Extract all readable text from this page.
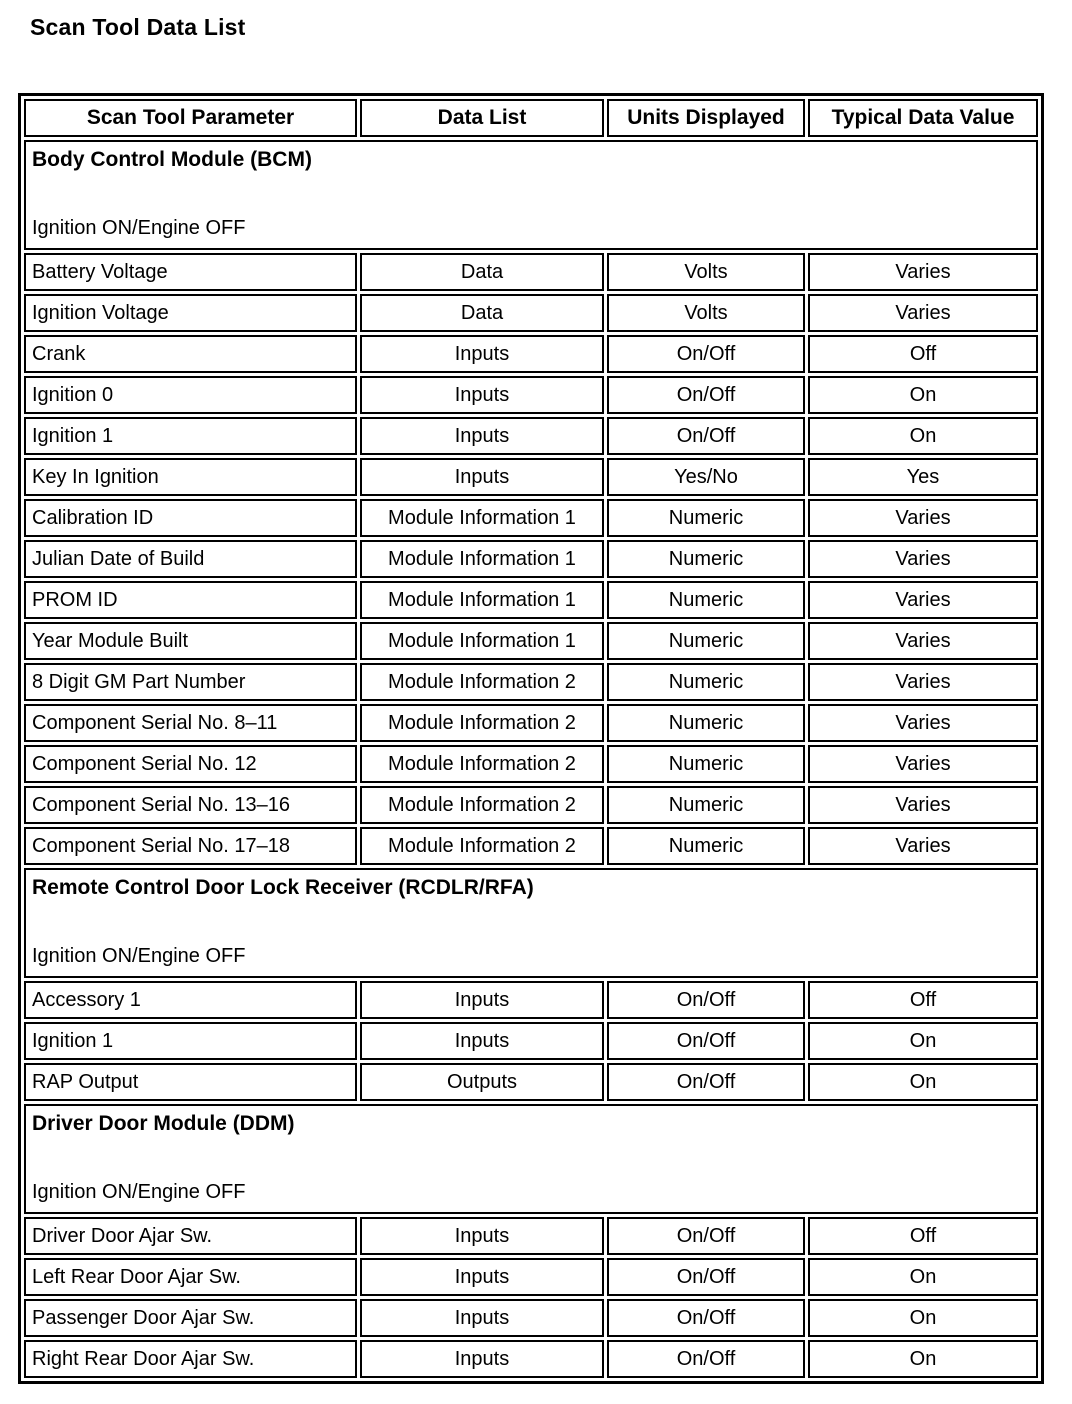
Scan Tool Data List
Scan Tool Parameter	Data List	Units Displayed	Typical Data Value

Body Control Module (BCM)
Ignition ON/Engine OFF			

Battery Voltage	Data	Volts	Varies
Ignition Voltage	Data	Volts	Varies
Crank	Inputs	On/Off	Off
Ignition 0	Inputs	On/Off	On
Ignition 1	Inputs	On/Off	On
Key In Ignition	Inputs	Yes/No	Yes
Calibration ID	Module Information 1	Numeric	Varies
Julian Date of Build	Module Information 1	Numeric	Varies
PROM ID	Module Information 1	Numeric	Varies
Year Module Built	Module Information 1	Numeric	Varies
8 Digit GM Part Number	Module Information 2	Numeric	Varies
Component Serial No. 8–11	Module Information 2	Numeric	Varies
Component Serial No. 12	Module Information 2	Numeric	Varies
Component Serial No. 13–16	Module Information 2	Numeric	Varies
Component Serial No. 17–18	Module Information 2	Numeric	Varies

Remote Control Door Lock Receiver (RCDLR/RFA)
Ignition ON/Engine OFF			

Accessory 1	Inputs	On/Off	Off
Ignition 1	Inputs	On/Off	On
RAP Output	Outputs	On/Off	On

Driver Door Module (DDM)
Ignition ON/Engine OFF			

Driver Door Ajar Sw.	Inputs	On/Off	Off
Left Rear Door Ajar Sw.	Inputs	On/Off	On
Passenger Door Ajar Sw.	Inputs	On/Off	On
Right Rear Door Ajar Sw.	Inputs	On/Off	On
